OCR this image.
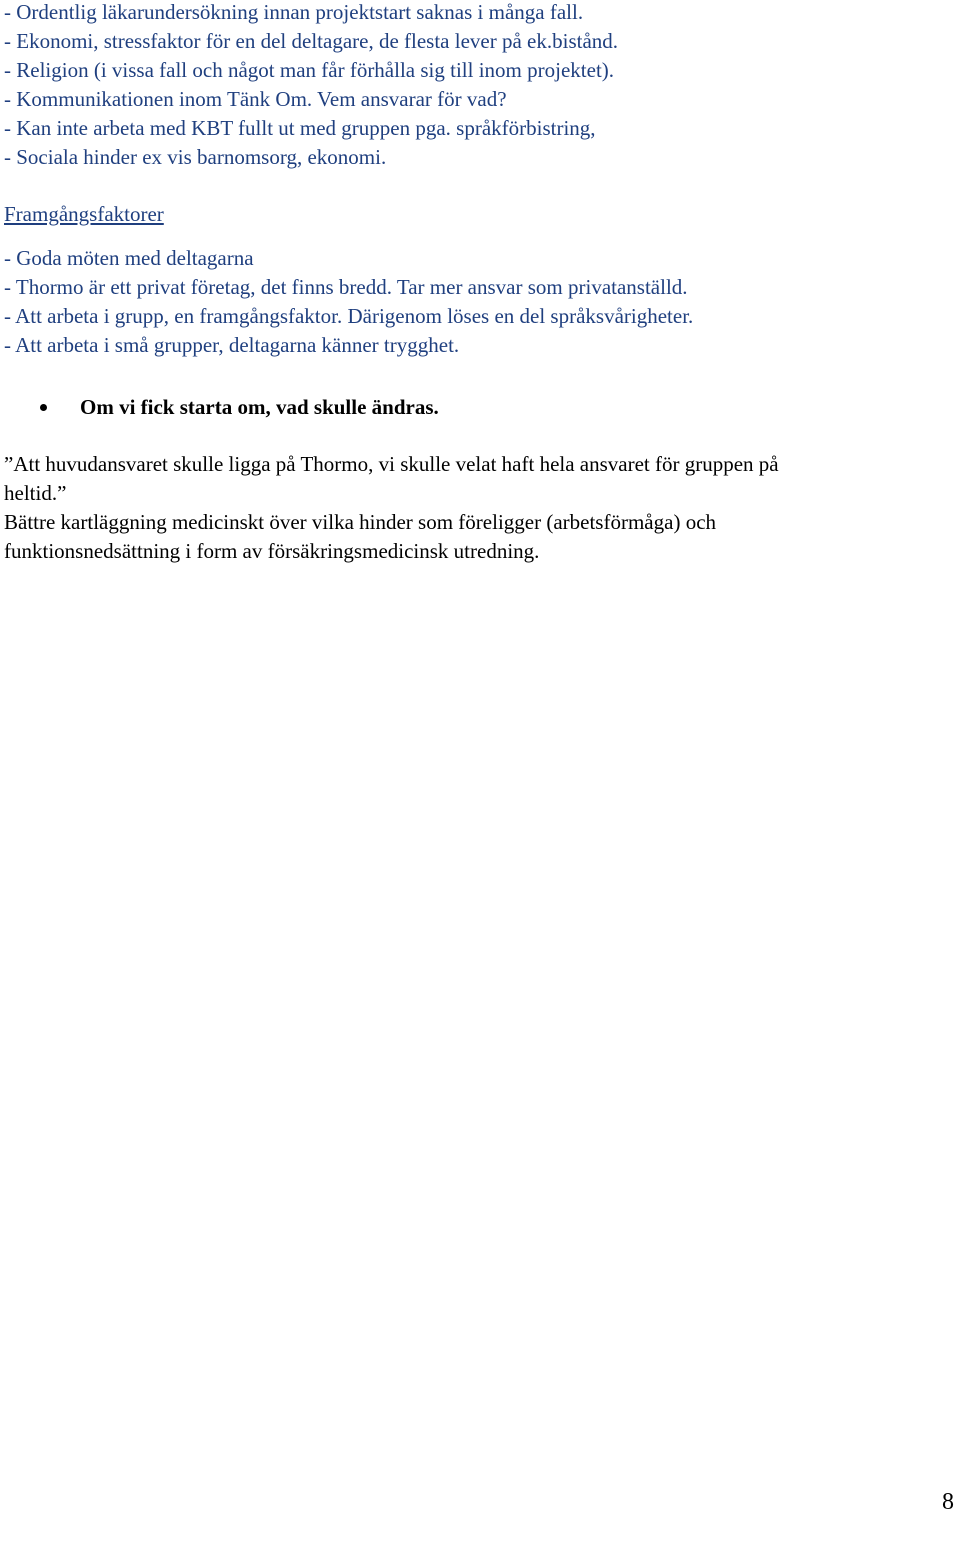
- Ordentlig läkarundersökning innan projektstart saknas i många fall.
- Ekonomi, stressfaktor för en del deltagare, de flesta lever på ek.bistånd.
- Religion (i vissa fall och något man får förhålla sig till inom projektet).
- Kommunikationen inom Tänk Om. Vem ansvarar för vad?
- Kan inte arbeta med KBT fullt ut med gruppen pga. språkförbistring,
- Sociala hinder ex vis barnomsorg, ekonomi.
Framgångsfaktorer
- Goda möten med deltagarna
- Thormo är ett privat företag, det finns bredd. Tar mer ansvar som privatanställd.
- Att arbeta i grupp, en framgångsfaktor. Därigenom löses en del språksvårigheter.
- Att arbeta i små grupper, deltagarna känner trygghet.
Om vi fick starta om, vad skulle ändras.
”Att huvudansvaret skulle ligga på Thormo, vi skulle velat haft hela ansvaret för gruppen på
heltid.”
Bättre kartläggning medicinskt över vilka hinder som föreligger (arbetsförmåga) och
funktionsnedsättning i form av försäkringsmedicinsk utredning.
8
